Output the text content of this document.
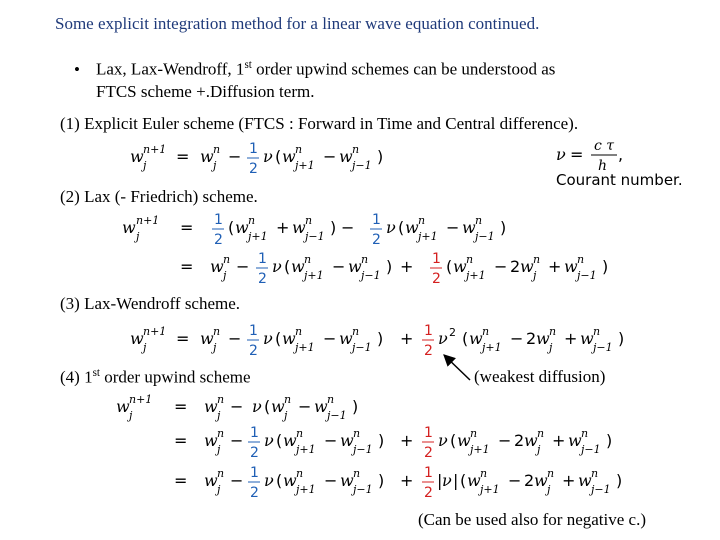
Some explicit integration method for a linear wave equation continued.
• Lax, Lax-Wendroff, 1st order upwind schemes can be understood as
FTCS scheme +.Diffusion term.
(1) Explicit Euler scheme (FTCS : Forward in Time and Central difference).
(2) Lax (- Friedrich) scheme.
(3) Lax-Wendroff scheme.
(4) 1st order upwind scheme	(weakest diffusion)
(Can be used also for negative c.)
w n+1
j = w n
j − 1
2
ν ( w n
j+1 − w n
j−1 )	ν = c τ
h
,
Courant number.
w n+1
j	= 1
2
( w n
j+1 + w n
j−1 ) − 1
2
ν ( w n
j+1 − w n
j−1 )
= w n
j − 1
2
ν ( w n
j+1 − w n
j−1 ) + 1
2
( w n
j+1 − 2 w n
j + w n
j−1 )
w n+1
j = w n
j − 1
2
ν ( w n
j+1 − w n
j−1 ) + 1
2
ν 2 ( w n
j+1 − 2 w n
j + w n
j−1 )
w n+1
j	= w n
j − ν ( w n
j − w n
j−1 )
= w n
j − 1
2
ν ( w n
j+1 − w n
j−1 ) + 1
2
ν ( w n
j+1 − 2 w n
j + w n
j−1 )
= w n
j − 1
2
ν ( w n
j+1 − w n
j−1 ) + 1
2
| ν | ( w n
j+1 − 2 w n
j + w n
j−1 )
